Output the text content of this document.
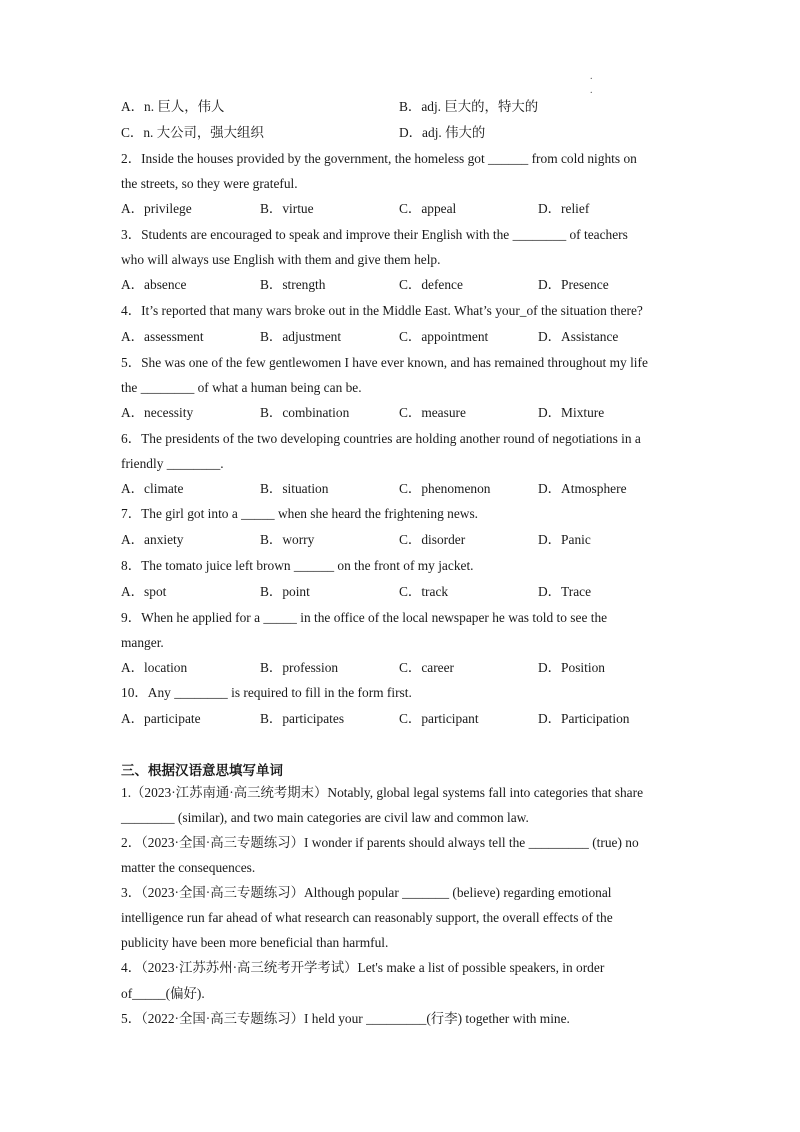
.
.
A．n. 巨人，伟人	B．adj. 巨大的，特大的
C．n. 大公司，强大组织	D．adj. 伟大的
2．Inside the houses provided by the government, the homeless got ______ from cold nights on
the streets, so they were grateful.
A．privilege	B．virtue	C．appeal	D．relief
3．Students are encouraged to speak and improve their English with the ________ of teachers
who will always use English with them and give them help.
A．absence	B．strength	C．defence	D．Presence
4．It’s reported that many wars broke out in the Middle East. What’s your_of the situation there?
A．assessment	B．adjustment	C．appointment	D．Assistance
5．She was one of the few gentlewomen I have ever known, and has remained throughout my life
the ________ of what a human being can be.
A．necessity	B．combination	C．measure	D．Mixture
6．The presidents of the two developing countries are holding another round of negotiations in a
friendly ________.
A．climate	B．situation	C．phenomenon	D．Atmosphere
7．The girl got into a _____ when she heard the frightening news.
A．anxiety	B．worry	C．disorder	D．Panic
8．The tomato juice left brown ______ on the front of my jacket.
A．spot	B．point	C．track	D．Trace
9．When he applied for a _____ in the office of the local newspaper he was told to see the
manger.
A．location	B．profession	C．career	D．Position
10．Any ________ is required to fill in the form first.
A．participate	B．participates	C．participant	D．Participation
三、根据汉语意思填写单词
1.（2023·江苏南通·高三统考期末）Notably, global legal systems fall into categories that share
________ (similar), and two main categories are civil law and common law.
2．（2023·全国·高三专题练习）I wonder if parents should always tell the _________ (true) no
matter the consequences.
3．（2023·全国·高三专题练习）Although popular _______ (believe) regarding emotional
intelligence run far ahead of what research can reasonably support, the overall effects of the
publicity have been more beneficial than harmful.
4．（2023·江苏苏州·高三统考开学考试）Let's make a list of possible speakers, in order
of_____(偏好).
5．（2022·全国·高三专题练习）I held your _________(行李) together with mine.
